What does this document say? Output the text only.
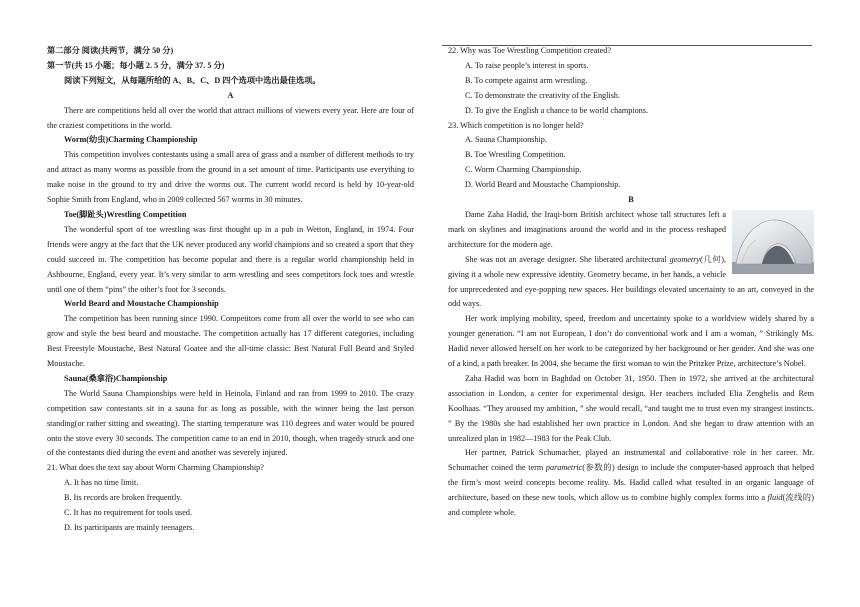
第二部分 阅读(共两节，满分 50 分)

第一节(共 15 小题；每小题 2. 5 分，满分 37. 5 分)

阅读下列短文，从每题所给的 A、B、C、D 四个选项中选出最佳选项。

A

There are competitions held all over the world that attract millions of viewers every year. Here are four of the craziest competitions in the world.

Worm(幼虫)Charming Championship

This competition involves contestants using a small area of grass and a number of different methods to try and attract as many worms as possible from the ground in a set amount of time. Participants use everything to make noise in the ground to try and drive the worms out. The current world record is held by 10-year-old Sophie Smith from England, who in 2009 collected 567 worms in 30 minutes.

Toe(脚趾头)Wrestling Competition

The wonderful sport of toe wrestling was first thought up in a pub in Wetton, England, in 1974. Four friends were angry at the fact that the UK never produced any world champions and so created a sport that they could succeed in. The competition has become popular and there is a regular world championship held in Ashbourne, England, every year. It’s very similar to arm wrestling and sees competitors lock toes and wrestle until one of them “pins” the other’s foot for 3 seconds.

World Beard and Moustache Championship

The competition has been running since 1990. Competitors come from all over the world to see who can grow and style the best beard and moustache. The competition actually has 17 different categories, including Best Freestyle Moustache, Best Natural Goatee and the all-time classic: Best Natural Full Beard and Styled Moustache.

Sauna(桑拿浴)Championship

The World Sauna Championships were held in Heinola, Finland and ran from 1999 to 2010. The crazy competition saw contestants sit in a sauna for as long as possible, with the winner being the last person standing(or rather sitting and sweating). The starting temperature was 110 degrees and water would be poured onto the stove every 30 seconds. The competition came to an end in 2010, though, when tragedy struck and one of the contestants died during the event and another was severely injured.

21. What does the text say about Worm Charming Championship?

A. It has no time limit.

B. Its records are broken frequently.

C. It has no requirement for tools used.

D. Its participants are mainly teenagers.

22. Why was Toe Wrestling Competition created?

A. To raise people’s interest in sports.

B. To compete against arm wrestling.

C. To demonstrate the creativity of the English.

D. To give the English a chance to be world champions.

23. Which competition is no longer held?

A. Sauna Championship.

B. Toe Wrestling Competition.

C. Worm Charming Championship.

D. World Beard and Moustache Championship.

B

Dame Zaha Hadid, the Iraqi-born British architect whose tall structures left a mark on skylines and imaginations around the world and in the process reshaped architecture for the modern age.

She was not an average designer. She liberated architectural geometry(几何), giving it a whole new expressive identity. Geometry became, in her hands, a vehicle for unprecedented and eye-popping new spaces. Her buildings elevated uncertainty to an art, conveyed in the odd ways.

Her work implying mobility, speed, freedom and uncertainty spoke to a worldview widely shared by a younger generation. “I am not European, I don’t do conventional work and I am a woman, ” Strikingly Ms. Hadid never allowed herself on her work to be categorized by her background or her gender. And she was one of a kind, a path breaker. In 2004, she became the first woman to win the Pritzker Prize, architecture’s Nobel.

Zaha Hadid was born in Baghdad on October 31, 1950. Then in 1972, she arrived at the architectural association in London, a center for experimental design. Her teachers included Elia Zenghelis and Rem Koolhaas. “They aroused my ambition, ” she would recall, “and taught me to trust even my strangest instincts. ” By the 1980s she had established her own practice in London. And she began to draw attention with an unrealized plan in 1982—1983 for the Peak Club.

Her partner, Patrick Schumacher, played an instrumental and collaborative role in her career. Mr. Schumacher coined the term parametric(参数的) design to include the computer-based approach that helped the firm’s most weird concepts become reality. Ms. Hadid called what resulted in an organic language of architecture, based on these new tools, which allow us to combine highly complex forms into a fluid(流线的) and complete whole.
